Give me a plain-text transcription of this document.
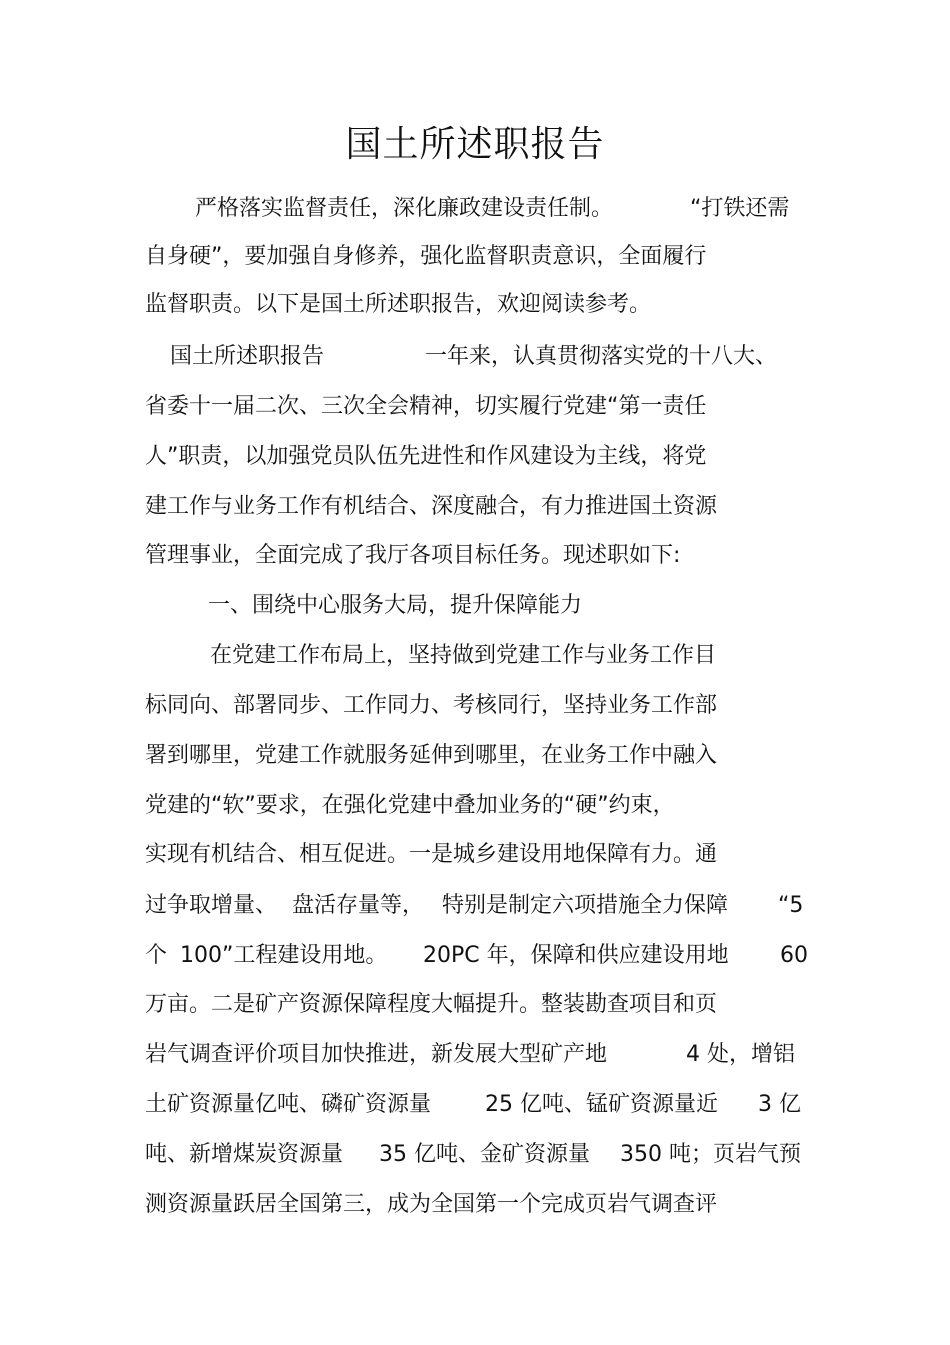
国土所述职报告

严格落实监督责任，深化廉政建设责任制。	“打铁还需

自身硬”，要加强自身修养，强化监督职责意识，全面履行

监督职责。以下是国土所述职报告，欢迎阅读参考。

国土所述职报告	一年来，认真贯彻落实党的十八大、

省委十一届二次、三次全会精神，切实履行党建“第一责任

人”职责，以加强党员队伍先进性和作风建设为主线，将党

建工作与业务工作有机结合、深度融合，有力推进国土资源

管理事业，全面完成了我厅各项目标任务。现述职如下:

一、围绕中心服务大局，提升保障能力

在党建工作布局上，坚持做到党建工作与业务工作目

标同向、部署同步、工作同力、考核同行，坚持业务工作部

署到哪里，党建工作就服务延伸到哪里，在业务工作中融入

党建的“软”要求，在强化党建中叠加业务的“硬”约束，

实现有机结合、相互促进。一是城乡建设用地保障有力。通

过争取增量、 盘活存量等， 特别是制定六项措施全力保障 “5

个 100”工程建设用地。 20PC 年，保障和供应建设用地 60

万亩。二是矿产资源保障程度大幅提升。整装勘查项目和页

岩气调查评价项目加快推进，新发展大型矿产地	4 处，增铝

土矿资源量亿吨、磷矿资源量 25 亿吨、锰矿资源量近 3 亿

吨、新增煤炭资源量 35 亿吨、金矿资源量 350 吨；页岩气预

测资源量跃居全国第三，成为全国第一个完成页岩气调查评
